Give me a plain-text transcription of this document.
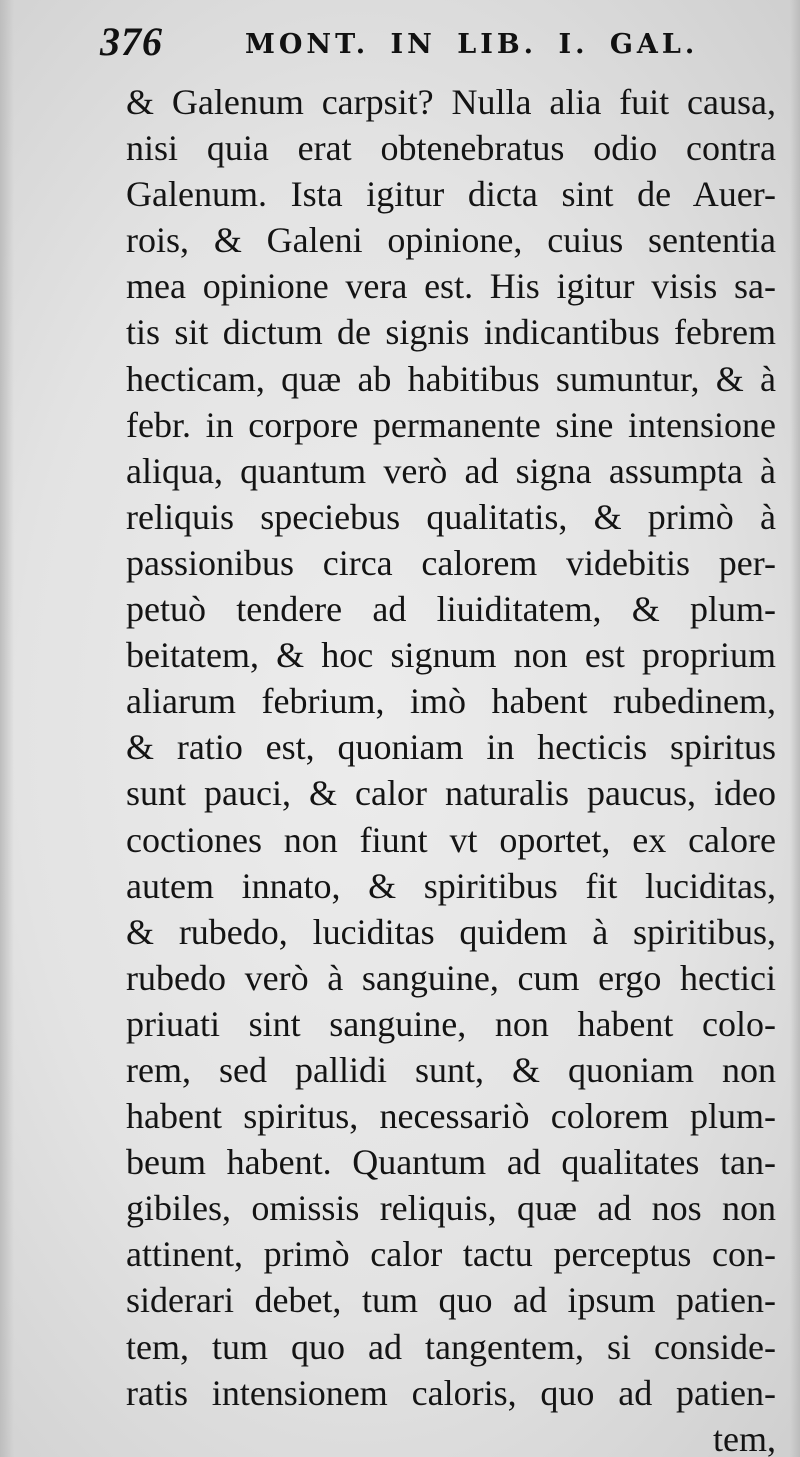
376	MONT. IN LIB. I. GAL.
& Galenum carpsit? Nulla alia fuit causa,
nisi quia erat obtenebratus odio contra
Galenum. Ista igitur dicta sint de Auer-
rois, & Galeni opinione, cuius sententia
mea opinione vera est. His igitur visis sa-
tis sit dictum de signis indicantibus febrem
hecticam, quæ ab habitibus sumuntur, & à
febr. in corpore permanente sine intensione
aliqua, quantum verò ad signa assumpta à
reliquis speciebus qualitatis, & primò à
passionibus circa calorem videbitis per-
petuò tendere ad liuiditatem, & plum-
beitatem, & hoc signum non est proprium
aliarum febrium, imò habent rubedinem,
& ratio est, quoniam in hecticis spiritus
sunt pauci, & calor naturalis paucus, ideo
coctiones non fiunt vt oportet, ex calore
autem innato, & spiritibus fit luciditas,
& rubedo, luciditas quidem à spiritibus,
rubedo verò à sanguine, cum ergo hectici
priuati sint sanguine, non habent colo-
rem, sed pallidi sunt, & quoniam non
habent spiritus, necessariò colorem plum-
beum habent. Quantum ad qualitates tan-
gibiles, omissis reliquis, quæ ad nos non
attinent, primò calor tactu perceptus con-
siderari debet, tum quo ad ipsum patien-
tem, tum quo ad tangentem, si conside-
ratis intensionem caloris, quo ad patien-
tem,
